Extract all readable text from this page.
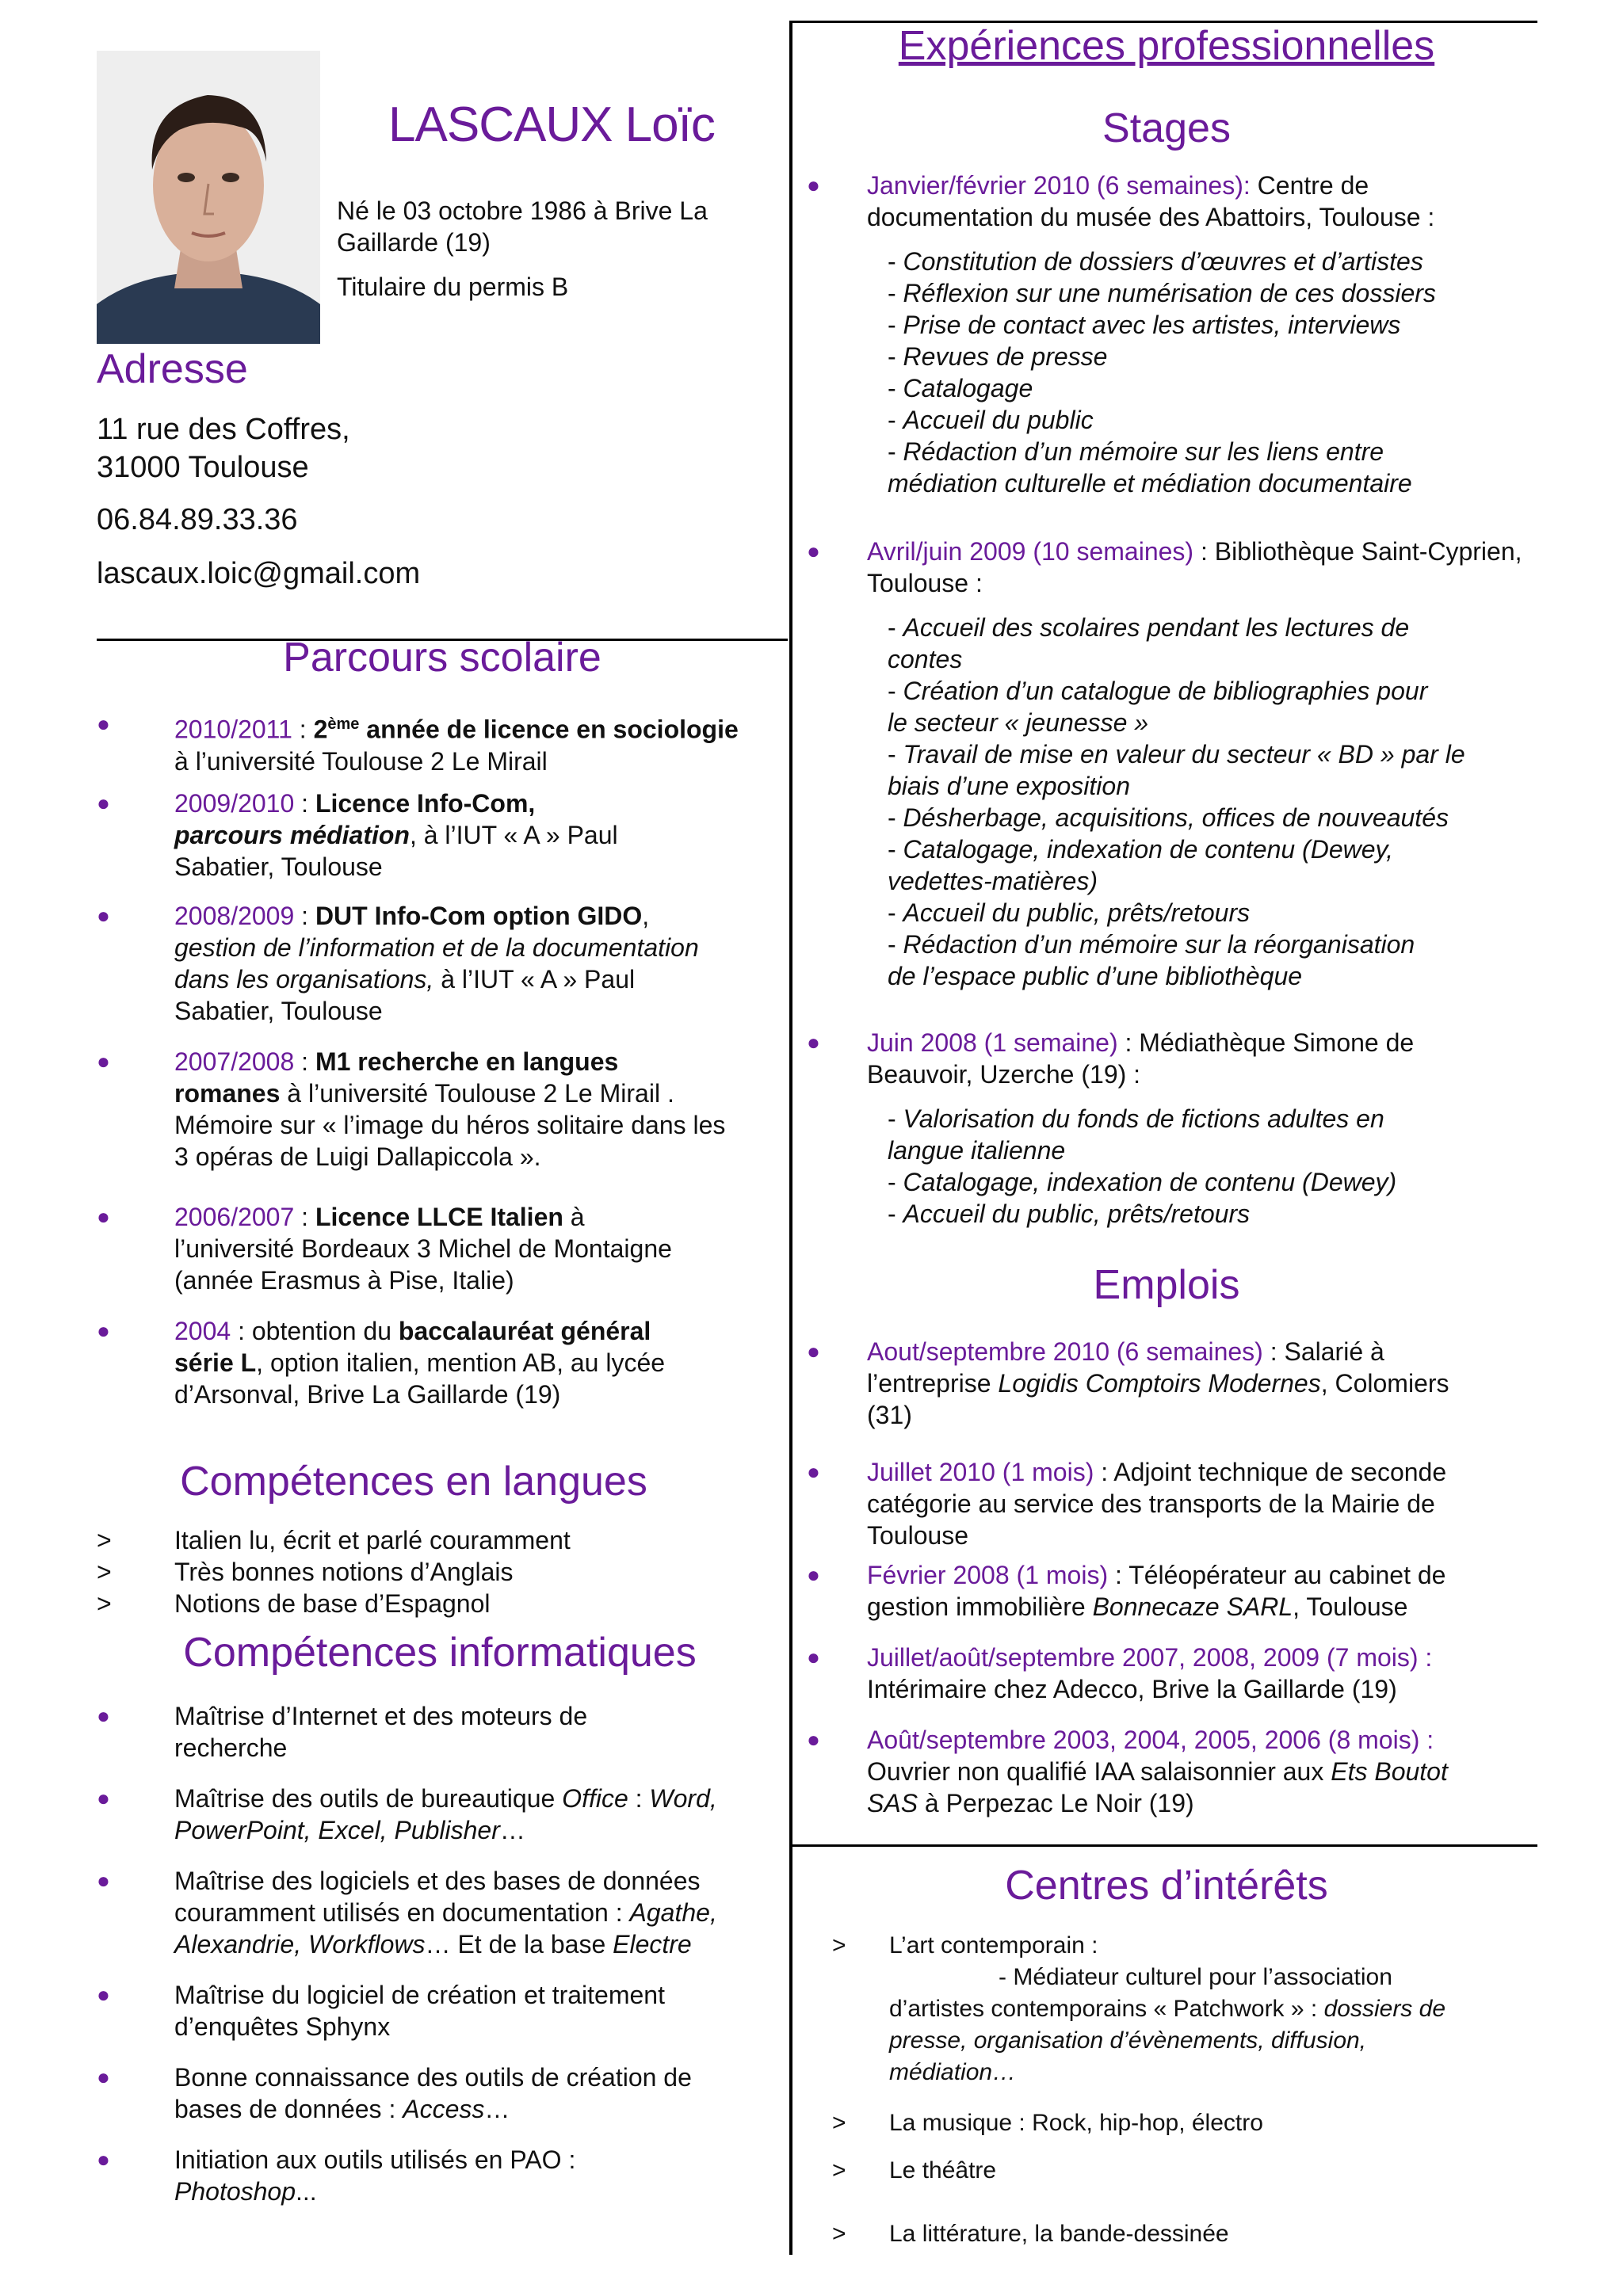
LASCAUX Loïc
Né le 03 octobre 1986 à Brive La Gaillarde (19)
Titulaire du permis B
Adresse
11 rue des Coffres,
31000 Toulouse
06.84.89.33.36
lascaux.loic@gmail.com
Parcours scolaire
●	2010/2011 : 2ème année de licence en sociologie
à l’université Toulouse 2 Le Mirail
●	2009/2010 : Licence Info-Com,
parcours médiation, à l’IUT « A » Paul
Sabatier, Toulouse
●	2008/2009 : DUT Info-Com option GIDO,
gestion de l’information et de la documentation
dans les organisations, à l’IUT « A » Paul
Sabatier, Toulouse
●	2007/2008 : M1 recherche en langues
romanes à l’université Toulouse 2 Le Mirail .
Mémoire sur « l’image du héros solitaire dans les
3 opéras de Luigi Dallapiccola ».
●	2006/2007 : Licence LLCE Italien à
l’université Bordeaux 3 Michel de Montaigne
(année Erasmus à Pise, Italie)
●	2004 : obtention du baccalauréat général
série L, option italien, mention AB, au lycée
d’Arsonval, Brive La Gaillarde (19)
Compétences en langues
> Italien lu, écrit et parlé couramment
> Très bonnes notions d’Anglais
> Notions de base d’Espagnol
Compétences informatiques
●	Maîtrise d’Internet et des moteurs de
recherche
●	Maîtrise des outils de bureautique Office : Word,
PowerPoint, Excel, Publisher…
●	Maîtrise des logiciels et des bases de données
couramment utilisés en documentation : Agathe,
Alexandrie, Workflows… Et de la base Electre
●	Maîtrise du logiciel de création et traitement
d’enquêtes Sphynx
●	Bonne connaissance des outils de création de
bases de données : Access…
●	Initiation aux outils utilisés en PAO :
Photoshop...
Expériences professionnelles
Stages
● Janvier/février 2010 (6 semaines): Centre de
documentation du musée des Abattoirs, Toulouse :
- Constitution de dossiers d’œuvres et d’artistes
- Réflexion sur une numérisation de ces dossiers
- Prise de contact avec les artistes, interviews
- Revues de presse
- Catalogage
- Accueil du public
- Rédaction d’un mémoire sur les liens entre
médiation culturelle et médiation documentaire
● Avril/juin 2009 (10 semaines) : Bibliothèque Saint-Cyprien,
Toulouse :
- Accueil des scolaires pendant les lectures de
contes
- Création d’un catalogue de bibliographies pour
le secteur « jeunesse »
- Travail de mise en valeur du secteur « BD » par le
biais d’une exposition
- Désherbage, acquisitions, offices de nouveautés
- Catalogage, indexation de contenu (Dewey,
vedettes-matières)
- Accueil du public, prêts/retours
- Rédaction d’un mémoire sur la réorganisation
de l’espace public d’une bibliothèque
● Juin 2008 (1 semaine) : Médiathèque Simone de
Beauvoir, Uzerche (19) :
- Valorisation du fonds de fictions adultes en
langue italienne
- Catalogage, indexation de contenu (Dewey)
- Accueil du public, prêts/retours
Emplois
● Aout/septembre 2010 (6 semaines) : Salarié à
l’entreprise Logidis Comptoirs Modernes, Colomiers
(31)
● Juillet 2010 (1 mois) : Adjoint technique de seconde
catégorie au service des transports de la Mairie de
Toulouse
● Février 2008 (1 mois) : Téléopérateur au cabinet de
gestion immobilière Bonnecaze SARL, Toulouse
● Juillet/août/septembre 2007, 2008, 2009 (7 mois) :
Intérimaire chez Adecco, Brive la Gaillarde (19)
● Août/septembre 2003, 2004, 2005, 2006 (8 mois) :
Ouvrier non qualifié IAA salaisonnier aux Ets Boutot
SAS à Perpezac Le Noir (19)
Centres d’intérêts
> L’art contemporain :
- Médiateur culturel pour l’association
d’artistes contemporains « Patchwork » : dossiers de
presse, organisation d’évènements, diffusion,
médiation…
> La musique : Rock, hip-hop, électro
> Le théâtre
> La littérature, la bande-dessinée
